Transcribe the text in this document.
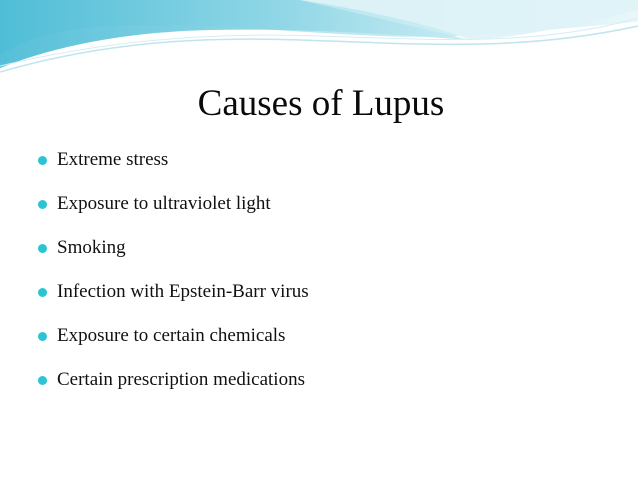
Causes of Lupus
Extreme stress
Exposure to ultraviolet light
Smoking
Infection with Epstein-Barr virus
Exposure to certain chemicals
Certain prescription medications
